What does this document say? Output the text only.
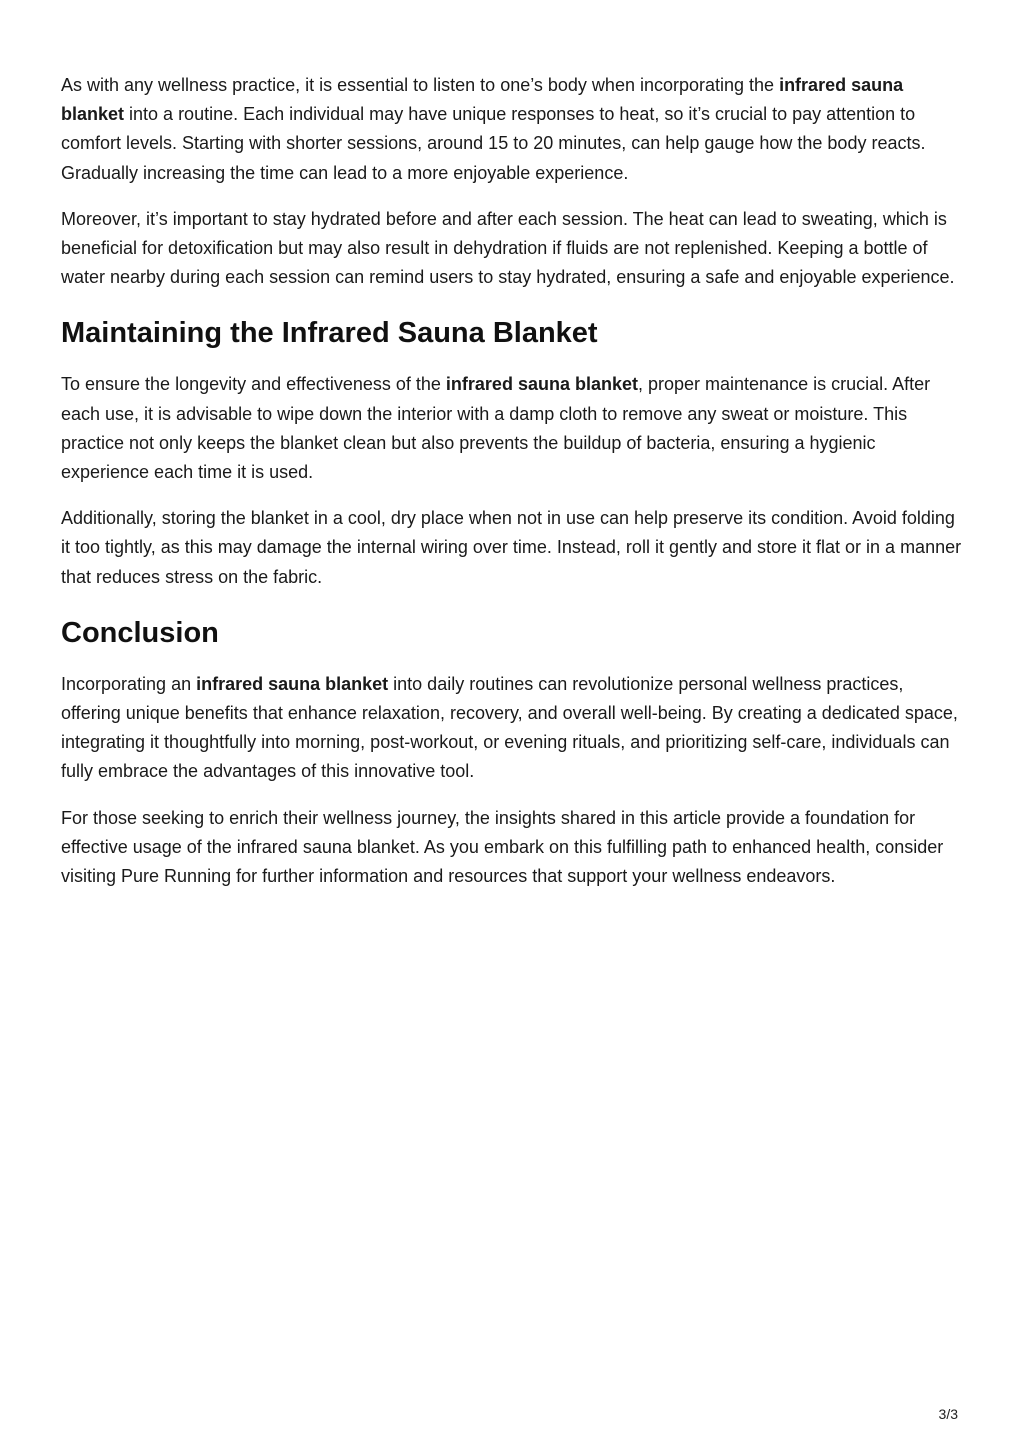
As with any wellness practice, it is essential to listen to one’s body when incorporating the infrared sauna blanket into a routine. Each individual may have unique responses to heat, so it’s crucial to pay attention to comfort levels. Starting with shorter sessions, around 15 to 20 minutes, can help gauge how the body reacts. Gradually increasing the time can lead to a more enjoyable experience.

Moreover, it’s important to stay hydrated before and after each session. The heat can lead to sweating, which is beneficial for detoxification but may also result in dehydration if fluids are not replenished. Keeping a bottle of water nearby during each session can remind users to stay hydrated, ensuring a safe and enjoyable experience.

Maintaining the Infrared Sauna Blanket

To ensure the longevity and effectiveness of the infrared sauna blanket, proper maintenance is crucial. After each use, it is advisable to wipe down the interior with a damp cloth to remove any sweat or moisture. This practice not only keeps the blanket clean but also prevents the buildup of bacteria, ensuring a hygienic experience each time it is used.

Additionally, storing the blanket in a cool, dry place when not in use can help preserve its condition. Avoid folding it too tightly, as this may damage the internal wiring over time. Instead, roll it gently and store it flat or in a manner that reduces stress on the fabric.

Conclusion

Incorporating an infrared sauna blanket into daily routines can revolutionize personal wellness practices, offering unique benefits that enhance relaxation, recovery, and overall well-being. By creating a dedicated space, integrating it thoughtfully into morning, post-workout, or evening rituals, and prioritizing self-care, individuals can fully embrace the advantages of this innovative tool.

For those seeking to enrich their wellness journey, the insights shared in this article provide a foundation for effective usage of the infrared sauna blanket. As you embark on this fulfilling path to enhanced health, consider visiting Pure Running for further information and resources that support your wellness endeavors.

3/3
